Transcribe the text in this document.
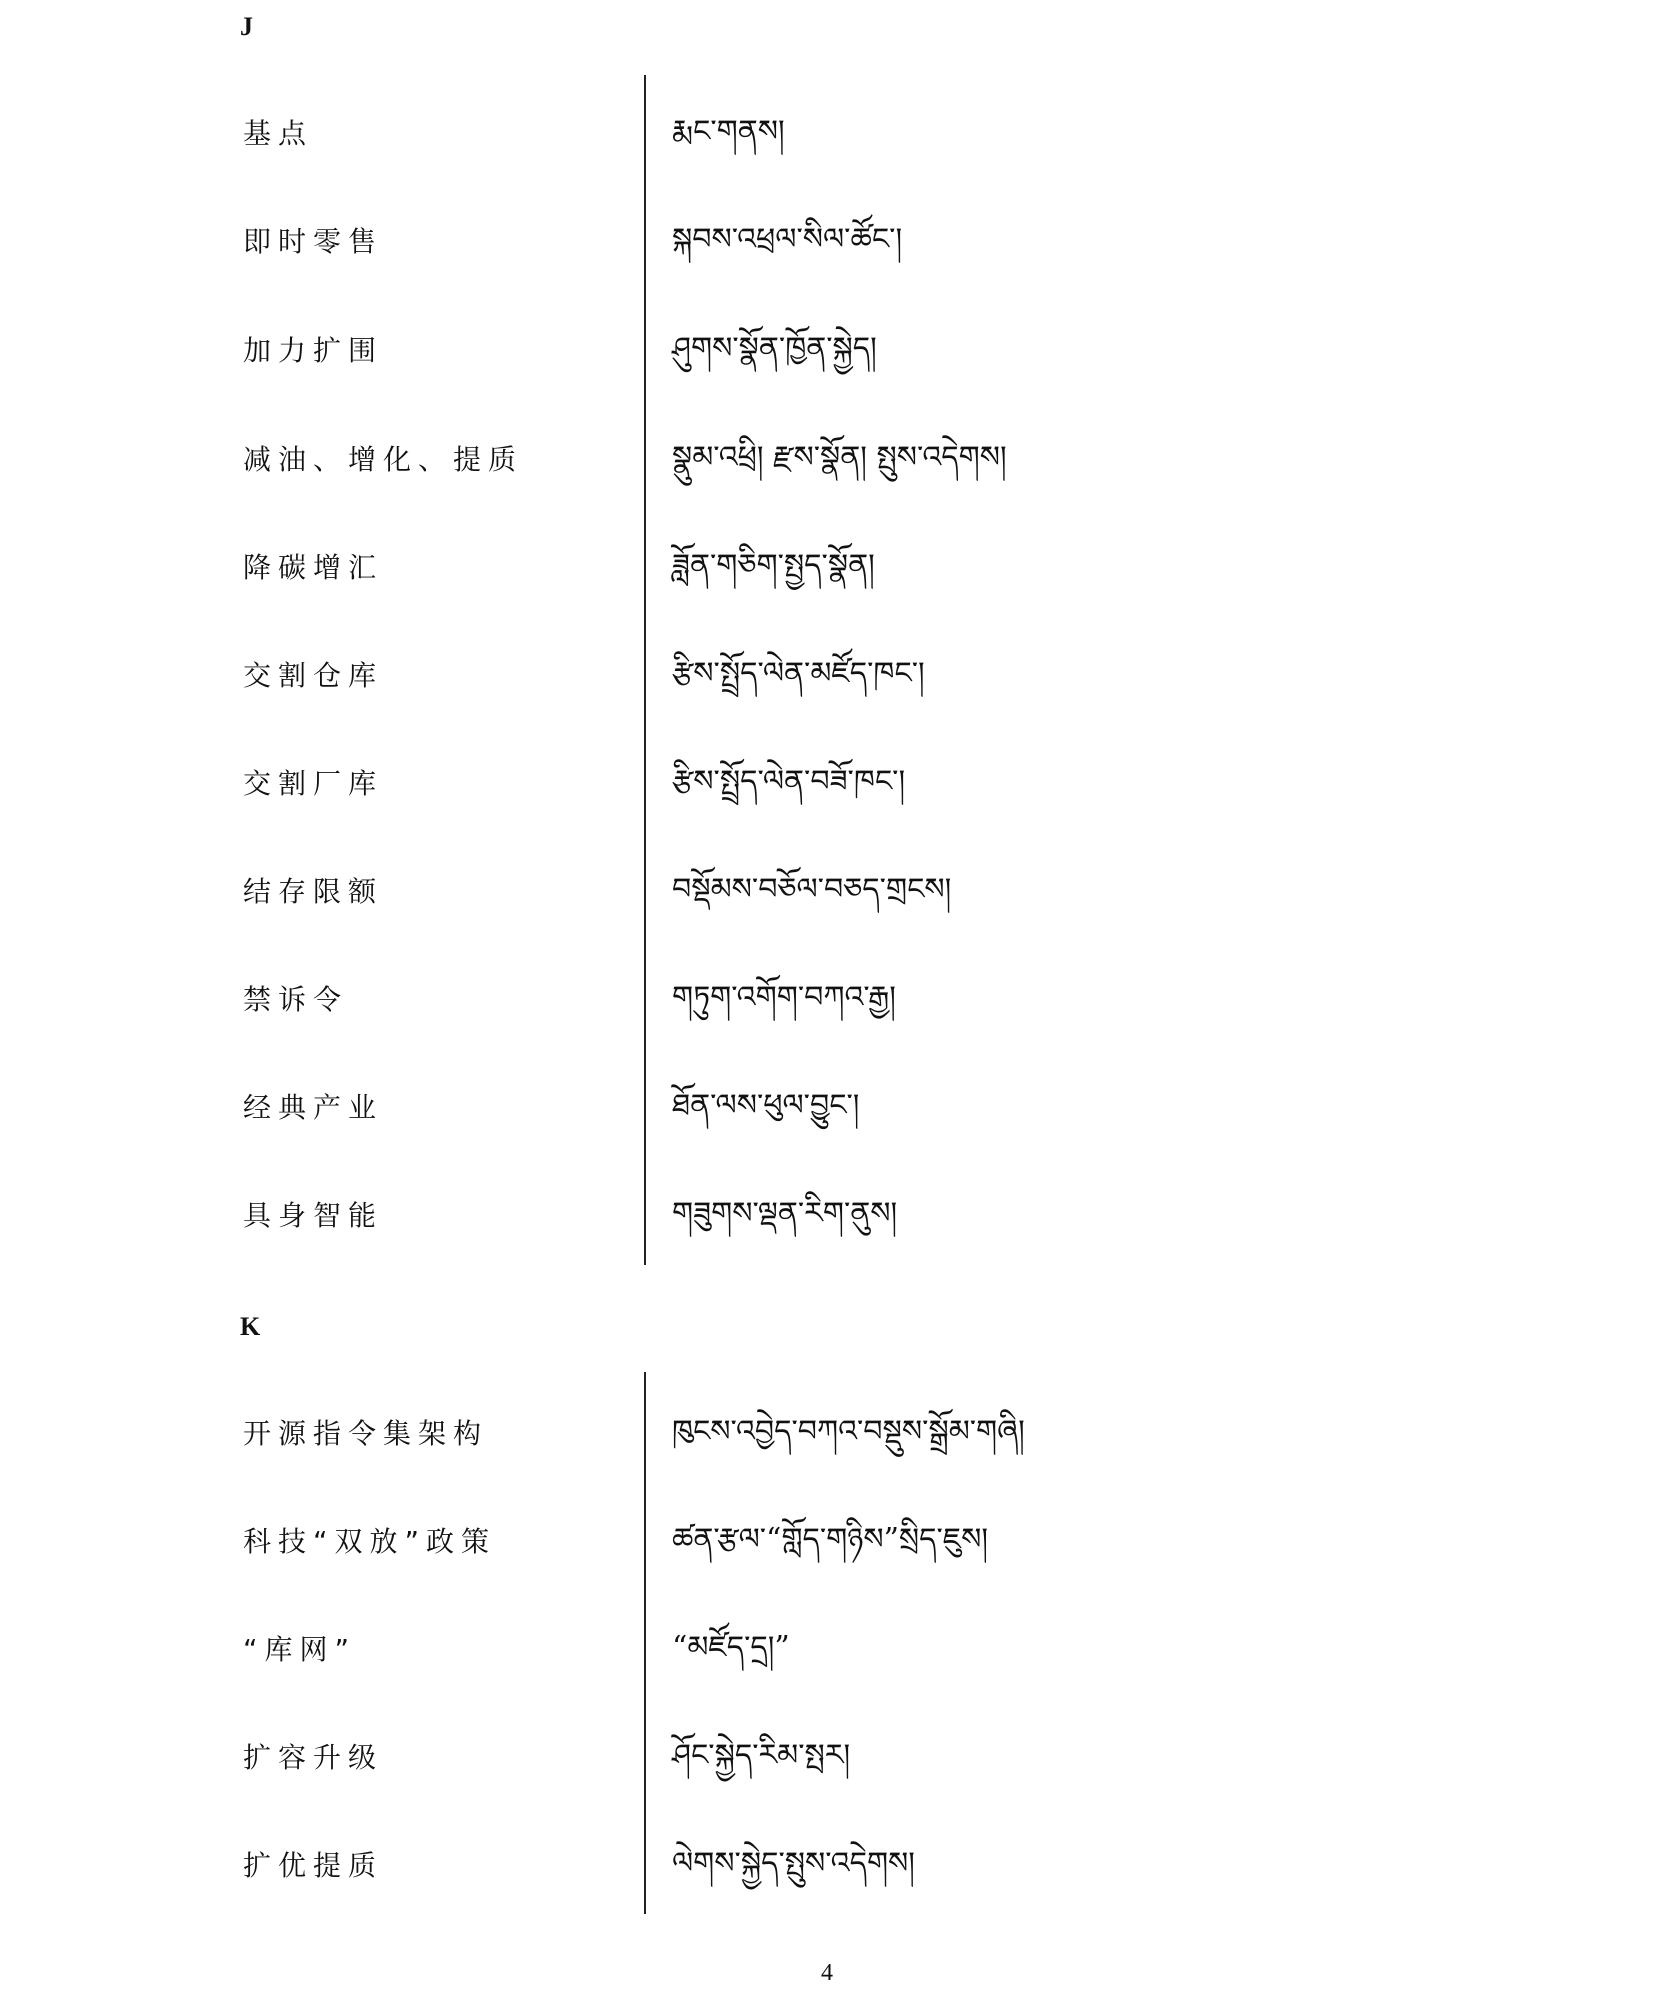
J
基点	རྨང་གནས།
即时零售	སྐབས་འཕྲལ་སིལ་ཚོང་།
加力扩围	ཤུགས་སྣོན་ཁྱོན་སྐྱེད།
减油、增化、提质	སྣུམ་འཕྲི། རྫས་སྣོན། སྤུས་འདེགས།
降碳增汇	ཟློན་གཅིག་སྤྱད་སྣོན།
交割仓库	རྩིས་སྤྲོད་ལེན་མཛོད་ཁང་།
交割厂库	རྩིས་སྤྲོད་ལེན་བཟོ་ཁང་།
结存限额	བསྡོམས་བཅོལ་བཅད་གྲངས།
禁诉令	གཏུག་འགོག་བཀའ་རྒྱ།
经典产业	ཐོན་ལས་ཕུལ་བྱུང་།
具身智能	གཟུགས་ལྡན་རིག་ནུས།
K
开源指令集架构	ཁུངས་འབྱེད་བཀའ་བསྡུས་སྒྲོམ་གཞི།
科技“双放”政策	ཚན་རྩལ་“གློད་གཉིས”སྲིད་ཇུས།
“库网”	“མཛོད་དྲ།”
扩容升级	ཤོང་སྐྱེད་རིམ་སྤར།
扩优提质	ལེགས་སྐྱེད་སྤུས་འདེགས།
4
